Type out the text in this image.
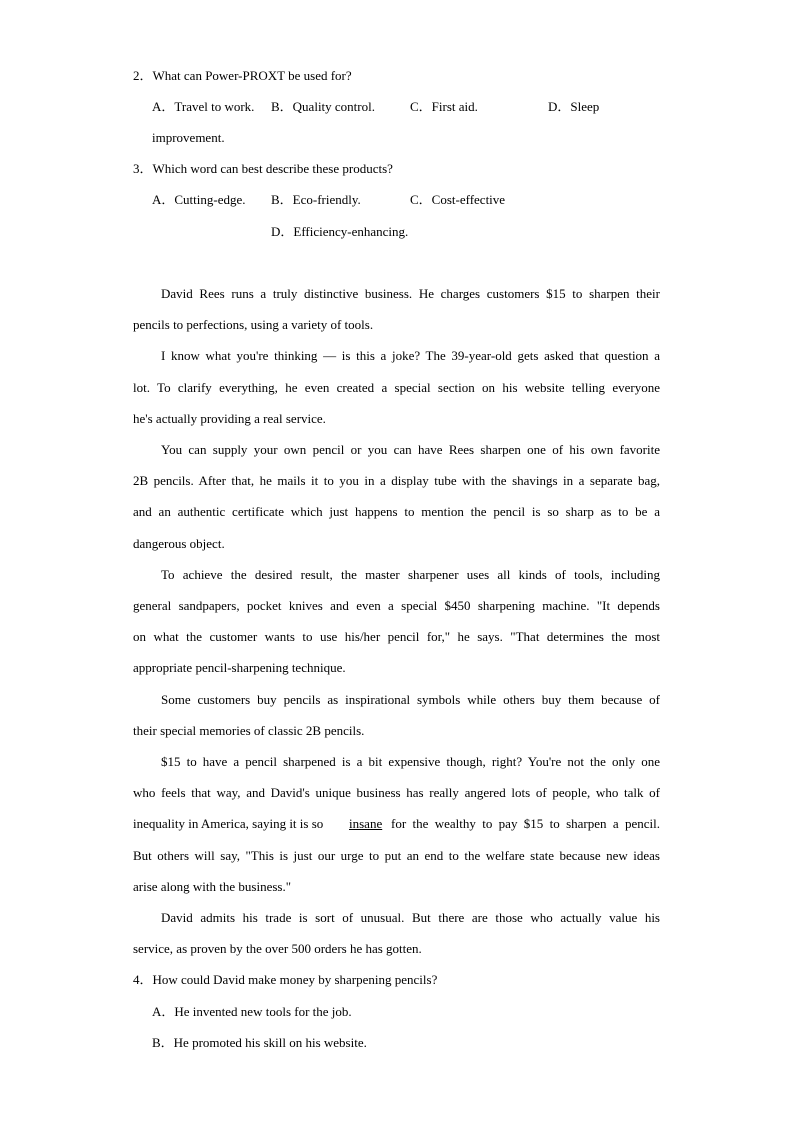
2．What can Power-PROXT be used for?
A．Travel to work. B．Quality control.	C．First aid.	D．Sleep
improvement.
3．Which word can best describe these products?
A．Cutting-edge. B．Eco-friendly.	C．Cost-effective
D．Efficiency-enhancing.
David Rees runs a truly distinctive business. He charges customers $15 to sharpen their
pencils to perfections, using a variety of tools.
I know what you're thinking — is this a joke? The 39-year-old gets asked that question a
lot. To clarify everything, he even created a special section on his website telling everyone
he's actually providing a real service.
You can supply your own pencil or you can have Rees sharpen one of his own favorite
2B pencils. After that, he mails it to you in a display tube with the shavings in a separate bag,
and an authentic certificate which just happens to mention the pencil is so sharp as to be a
dangerous object.
To achieve the desired result, the master sharpener uses all kinds of tools, including
general sandpapers, pocket knives and even a special $450 sharpening machine. "It depends
on what the customer wants to use his/her pencil for," he says. "That determines the most
appropriate pencil-sharpening technique.
Some customers buy pencils as inspirational symbols while others buy them because of
their special memories of classic 2B pencils.
$15 to have a pencil sharpened is a bit expensive though, right? You're not the only one
who feels that way, and David's unique business has really angered lots of people, who talk of
inequality in America, saying it is so insane for the wealthy to pay $15 to sharpen a pencil.
But others will say, "This is just our urge to put an end to the welfare state because new ideas
arise along with the business."
David admits his trade is sort of unusual. But there are those who actually value his
service, as proven by the over 500 orders he has gotten.
4．How could David make money by sharpening pencils?
A．He invented new tools for the job.
B．He promoted his skill on his website.
